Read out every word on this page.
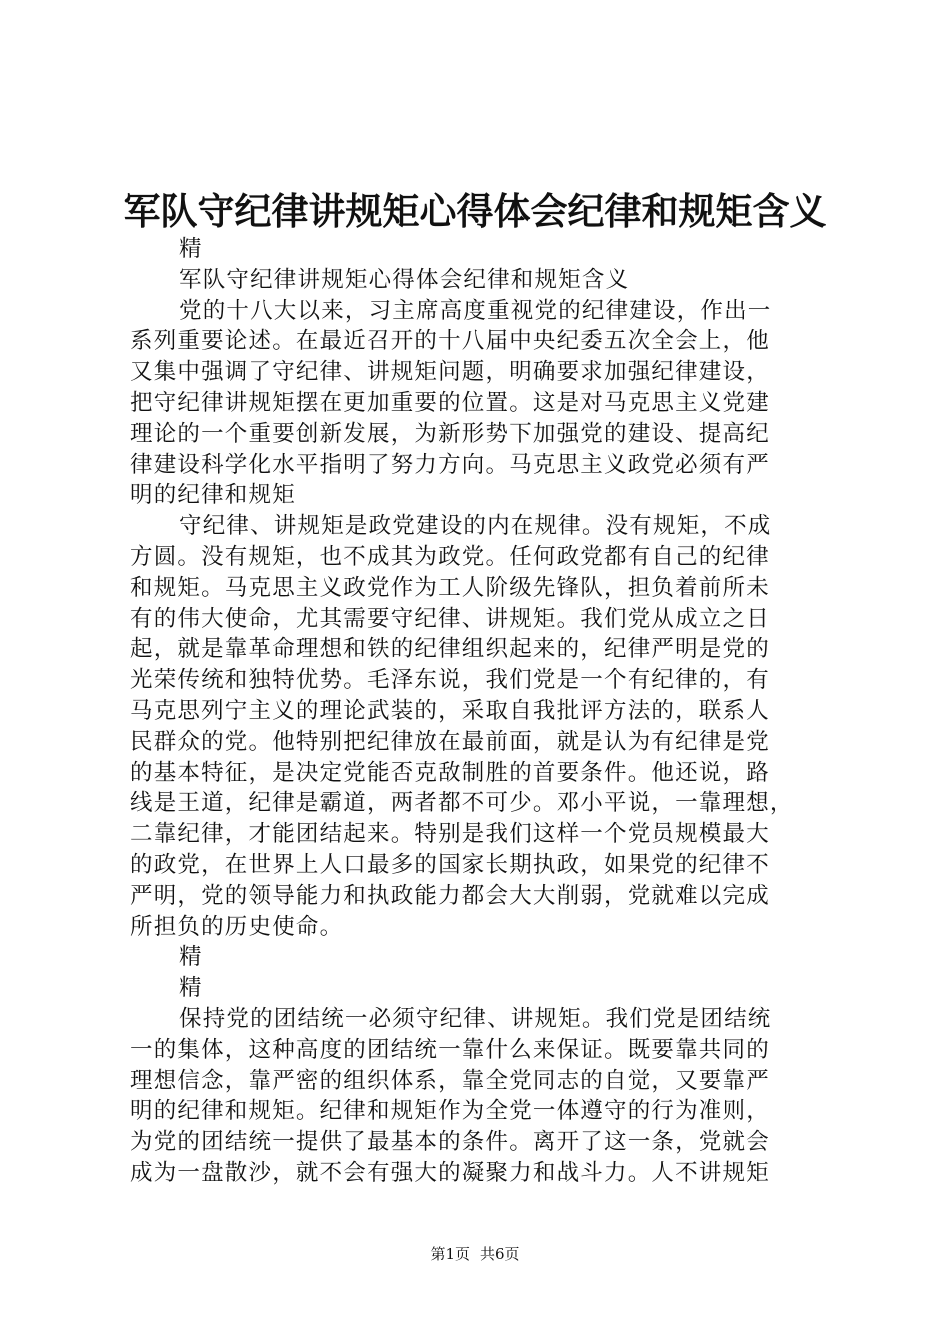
军队守纪律讲规矩心得体会纪律和规矩含义
精
军队守纪律讲规矩心得体会纪律和规矩含义
党的十八大以来，习主席高度重视党的纪律建设，作出一
系列重要论述。在最近召开的十八届中央纪委五次全会上，他
又集中强调了守纪律、讲规矩问题，明确要求加强纪律建设，
把守纪律讲规矩摆在更加重要的位置。这是对马克思主义党建
理论的一个重要创新发展，为新形势下加强党的建设、提高纪
律建设科学化水平指明了努力方向。马克思主义政党必须有严
明的纪律和规矩
守纪律、讲规矩是政党建设的内在规律。没有规矩，不成
方圆。没有规矩，也不成其为政党。任何政党都有自己的纪律
和规矩。马克思主义政党作为工人阶级先锋队，担负着前所未
有的伟大使命，尤其需要守纪律、讲规矩。我们党从成立之日
起，就是靠革命理想和铁的纪律组织起来的，纪律严明是党的
光荣传统和独特优势。毛泽东说，我们党是一个有纪律的，有
马克思列宁主义的理论武装的，采取自我批评方法的，联系人
民群众的党。他特别把纪律放在最前面，就是认为有纪律是党
的基本特征，是决定党能否克敌制胜的首要条件。他还说，路
线是王道，纪律是霸道，两者都不可少。邓小平说，一靠理想，
二靠纪律，才能团结起来。特别是我们这样一个党员规模最大
的政党，在世界上人口最多的国家长期执政，如果党的纪律不
严明，党的领导能力和执政能力都会大大削弱，党就难以完成
所担负的历史使命。
精
精
保持党的团结统一必须守纪律、讲规矩。我们党是团结统
一的集体，这种高度的团结统一靠什么来保证。既要靠共同的
理想信念，靠严密的组织体系，靠全党同志的自觉，又要靠严
明的纪律和规矩。纪律和规矩作为全党一体遵守的行为准则，
为党的团结统一提供了最基本的条件。离开了这一条，党就会
成为一盘散沙，就不会有强大的凝聚力和战斗力。人不讲规矩
第1页 共6页
